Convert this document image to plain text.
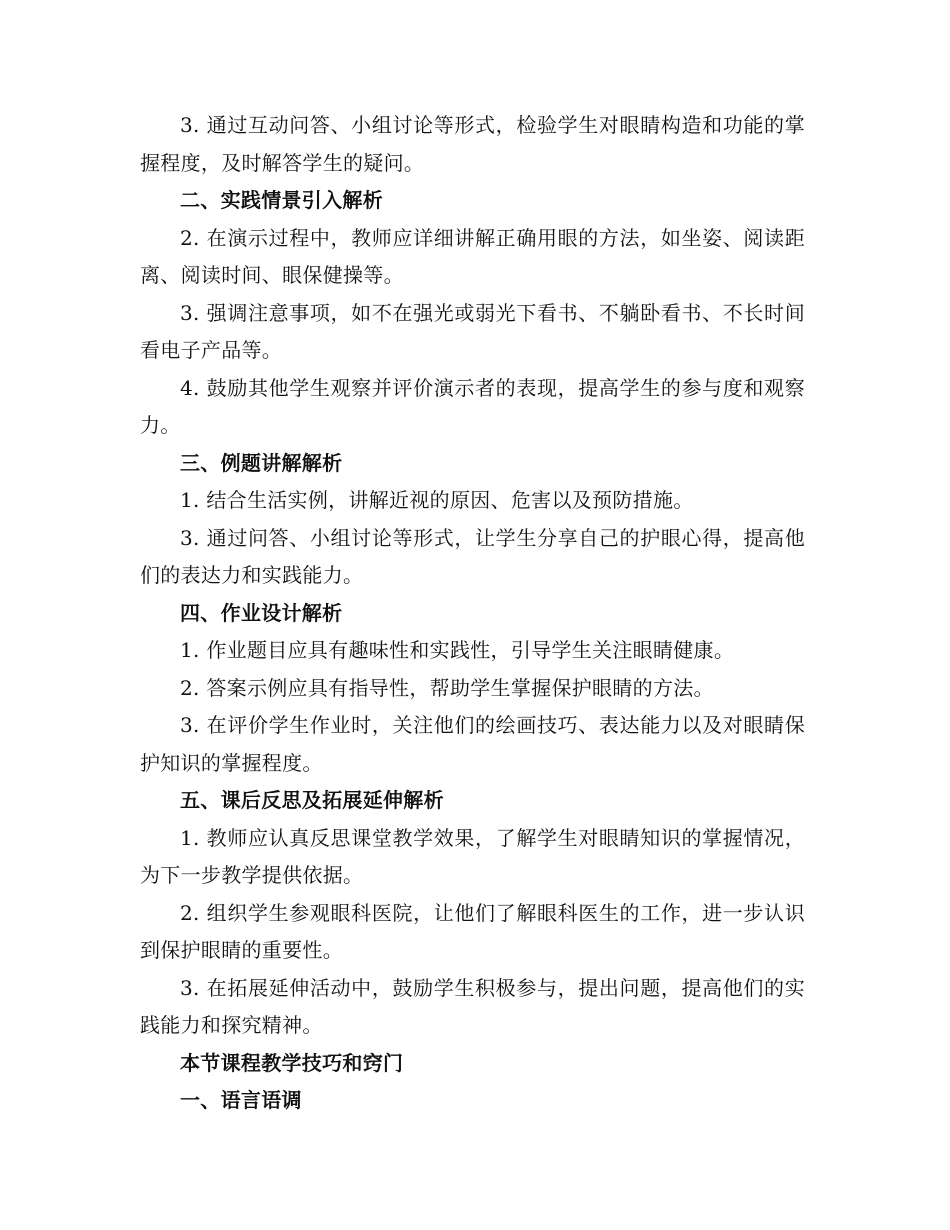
3. 通过互动问答、小组讨论等形式，检验学生对眼睛构造和功能的掌握程度，及时解答学生的疑问。

二、实践情景引入解析

2. 在演示过程中，教师应详细讲解正确用眼的方法，如坐姿、阅读距离、阅读时间、眼保健操等。

3. 强调注意事项，如不在强光或弱光下看书、不躺卧看书、不长时间看电子产品等。

4. 鼓励其他学生观察并评价演示者的表现，提高学生的参与度和观察力。

三、例题讲解解析

1. 结合生活实例，讲解近视的原因、危害以及预防措施。

3. 通过问答、小组讨论等形式，让学生分享自己的护眼心得，提高他们的表达力和实践能力。

四、作业设计解析

1. 作业题目应具有趣味性和实践性，引导学生关注眼睛健康。

2. 答案示例应具有指导性，帮助学生掌握保护眼睛的方法。

3. 在评价学生作业时，关注他们的绘画技巧、表达能力以及对眼睛保护知识的掌握程度。

五、课后反思及拓展延伸解析

1. 教师应认真反思课堂教学效果，了解学生对眼睛知识的掌握情况，为下一步教学提供依据。

2. 组织学生参观眼科医院，让他们了解眼科医生的工作，进一步认识到保护眼睛的重要性。

3. 在拓展延伸活动中，鼓励学生积极参与，提出问题，提高他们的实践能力和探究精神。

本节课程教学技巧和窍门

一、语言语调
